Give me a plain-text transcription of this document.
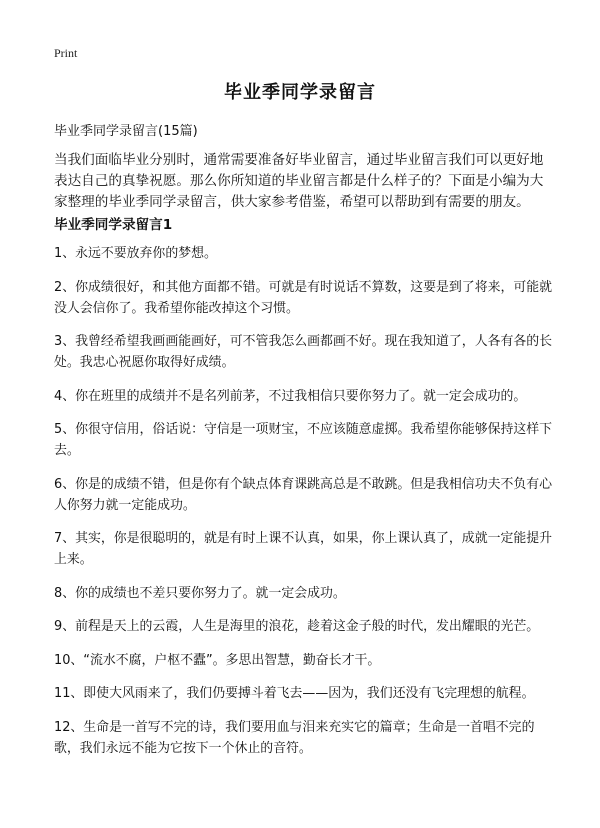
Print
毕业季同学录留言
毕业季同学录留言(15篇)
当我们面临毕业分别时，通常需要准备好毕业留言，通过毕业留言我们可以更好地表达自己的真挚祝愿。那么你所知道的毕业留言都是什么样子的？下面是小编为大家整理的毕业季同学录留言，供大家参考借鉴，希望可以帮助到有需要的朋友。
毕业季同学录留言1
1、永远不要放弃你的梦想。
2、你成绩很好，和其他方面都不错。可就是有时说话不算数，这要是到了将来，可能就没人会信你了。我希望你能改掉这个习惯。
3、我曾经希望我画画能画好，可不管我怎么画都画不好。现在我知道了，人各有各的长处。我忠心祝愿你取得好成绩。
4、你在班里的成绩并不是名列前茅，不过我相信只要你努力了。就一定会成功的。
5、你很守信用，俗话说：守信是一项财宝，不应该随意虚掷。我希望你能够保持这样下去。
6、你是的成绩不错，但是你有个缺点体育课跳高总是不敢跳。但是我相信功夫不负有心人你努力就一定能成功。
7、其实，你是很聪明的，就是有时上课不认真，如果，你上课认真了，成就一定能提升上来。
8、你的成绩也不差只要你努力了。就一定会成功。
9、前程是天上的云霞，人生是海里的浪花，趁着这金子般的时代，发出耀眼的光芒。
10、“流水不腐，户枢不蠹”。多思出智慧，勤奋长才干。
11、即使大风雨来了，我们仍要搏斗着飞去——因为，我们还没有飞完理想的航程。
12、生命是一首写不完的诗，我们要用血与泪来充实它的篇章；生命是一首唱不完的歌，我们永远不能为它按下一个休止的音符。
